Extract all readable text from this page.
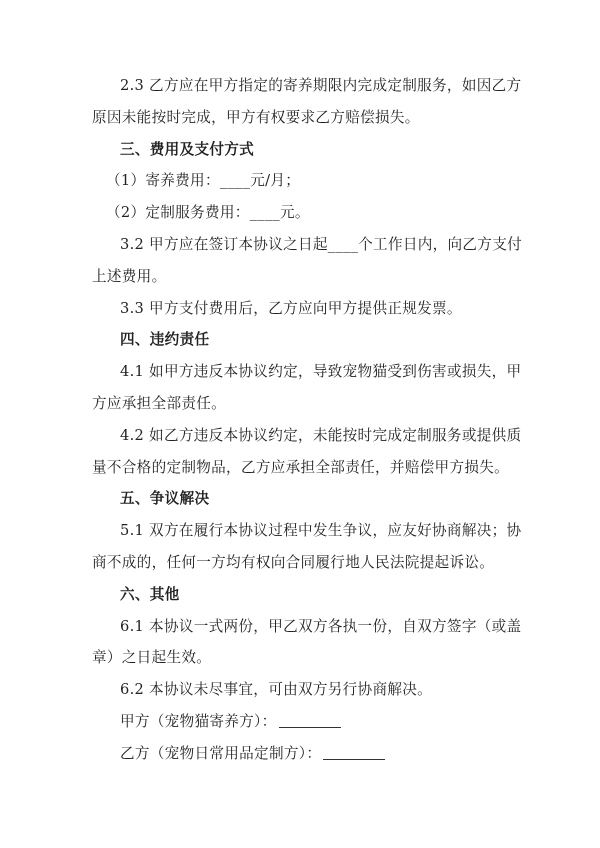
2.3 乙方应在甲方指定的寄养期限内完成定制服务，如因乙方
原因未能按时完成，甲方有权要求乙方赔偿损失。
三、费用及支付方式
（1）寄养费用：____元/月；
（2）定制服务费用：____元。
3.2 甲方应在签订本协议之日起____个工作日内，向乙方支付
上述费用。
3.3 甲方支付费用后，乙方应向甲方提供正规发票。
四、违约责任
4.1 如甲方违反本协议约定，导致宠物猫受到伤害或损失，甲
方应承担全部责任。
4.2 如乙方违反本协议约定，未能按时完成定制服务或提供质
量不合格的定制物品，乙方应承担全部责任，并赔偿甲方损失。
五、争议解决
5.1 双方在履行本协议过程中发生争议，应友好协商解决；协
商不成的，任何一方均有权向合同履行地人民法院提起诉讼。
六、其他
6.1 本协议一式两份，甲乙双方各执一份，自双方签字（或盖
章）之日起生效。
6.2 本协议未尽事宜，可由双方另行协商解决。
甲方（宠物猫寄养方）：
乙方（宠物日常用品定制方）：
